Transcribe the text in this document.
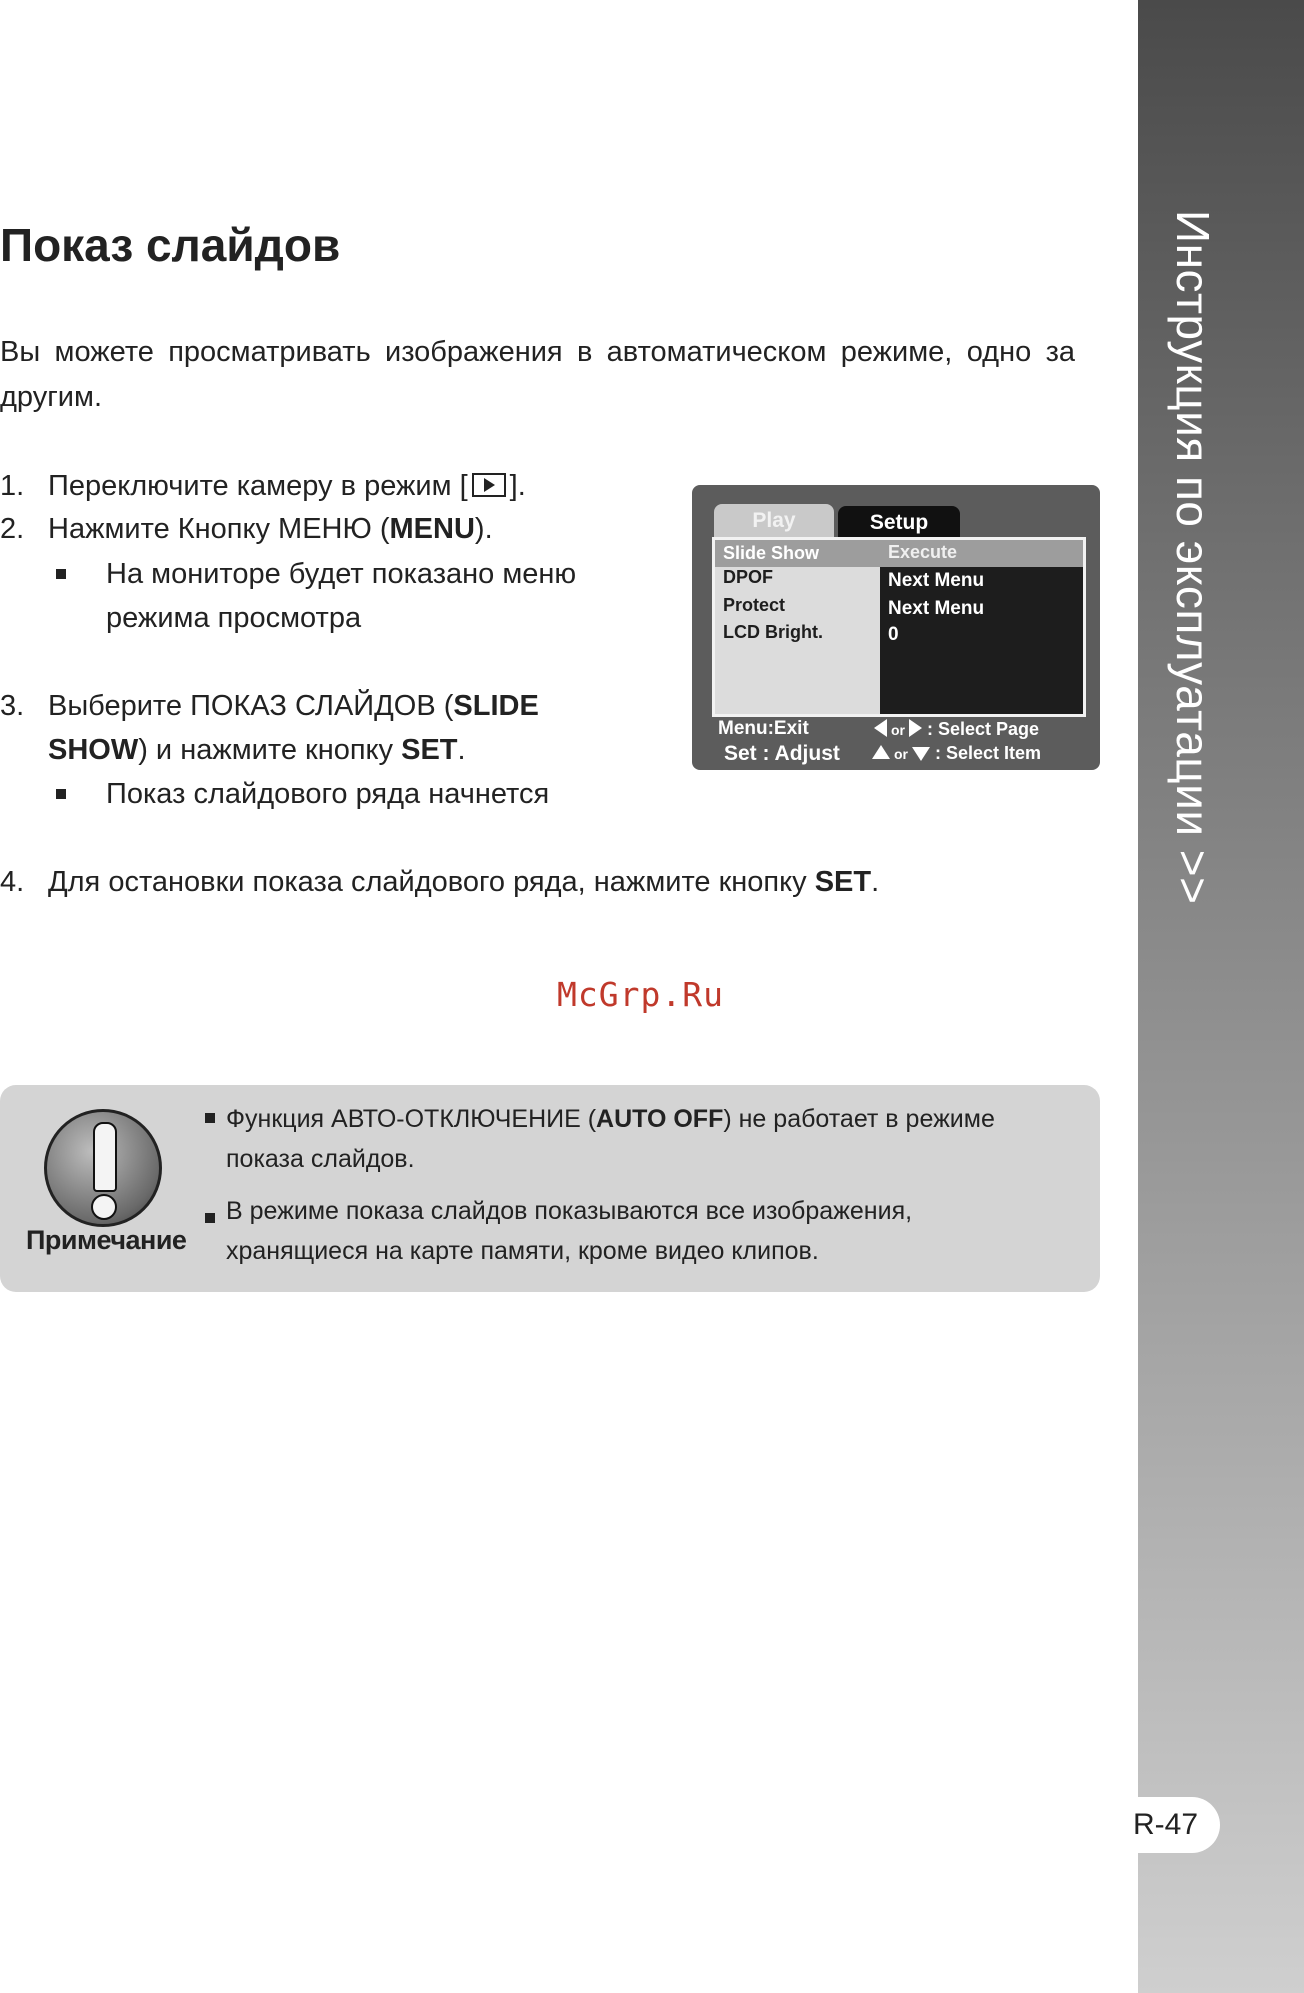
Инструкция по эксплуатации >>
R-47
Показ слайдов
Вы можете просматривать изображения в автоматическом режиме, одно за другим.
1. Переключите камеру в режим [ ].
2. Нажмите Кнопку МЕНЮ (MENU).
На мониторе будет показано меню
режима просмотра
3. Выберите ПОКАЗ СЛАЙДОВ (SLIDE
SHOW) и нажмите кнопку SET.
Показ слайдового ряда начнется
4. Для остановки показа слайдового ряда, нажмите кнопку SET.
Play	Setup
Slide Show
DPOF
Protect
LCD Bright.
Execute
Next Menu
Next Menu
0
Menu:Exit
Set : Adjust
or : Select Page
or : Select Item
McGrp.Ru
Примечание
Функция АВТО-ОТКЛЮЧЕНИЕ (AUTO OFF) не работает в режиме показа слайдов.
В режиме показа слайдов показываются все изображения, хранящиеся на карте памяти, кроме видео клипов.
